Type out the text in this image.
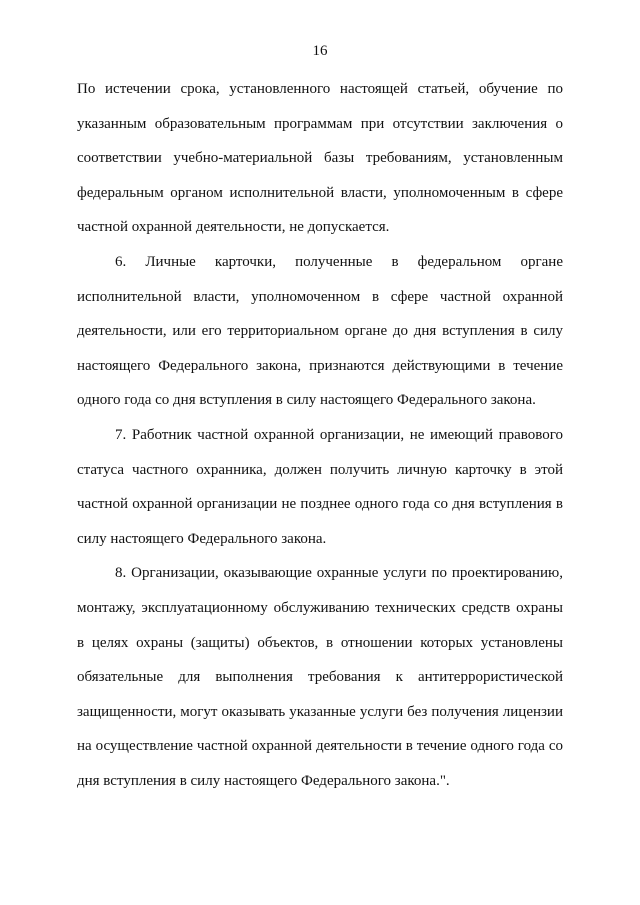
16

По истечении срока, установленного настоящей статьей, обучение по указанным образовательным программам при отсутствии заключения о соответствии учебно-материальной базы требованиям, установленным федеральным органом исполнительной власти, уполномоченным в сфере частной охранной деятельности, не допускается.

6. Личные карточки, полученные в федеральном органе исполнительной власти, уполномоченном в сфере частной охранной деятельности, или его территориальном органе до дня вступления в силу настоящего Федерального закона, признаются действующими в течение одного года со дня вступления в силу настоящего Федерального закона.

7. Работник частной охранной организации, не имеющий правового статуса частного охранника, должен получить личную карточку в этой частной охранной организации не позднее одного года со дня вступления в силу настоящего Федерального закона.

8. Организации, оказывающие охранные услуги по проектированию, монтажу, эксплуатационному обслуживанию технических средств охраны в целях охраны (защиты) объектов, в отношении которых установлены обязательные для выполнения требования к антитеррористической защищенности, могут оказывать указанные услуги без получения лицензии на осуществление частной охранной деятельности в течение одного года со дня вступления в силу настоящего Федерального закона.".
